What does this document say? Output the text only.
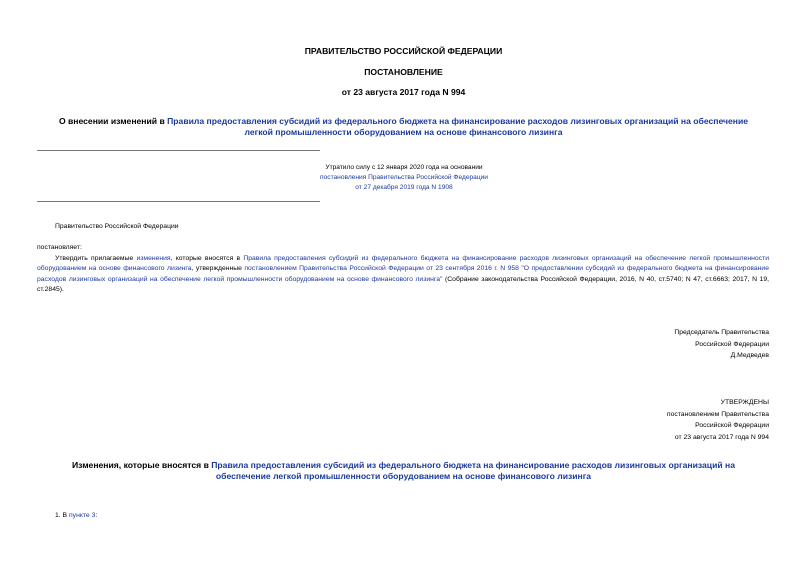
ПРАВИТЕЛЬСТВО РОССИЙСКОЙ ФЕДЕРАЦИИ
ПОСТАНОВЛЕНИЕ
от 23 августа 2017 года N 994
О внесении изменений в Правила предоставления субсидий из федерального бюджета на финансирование расходов лизинговых организаций на обеспечение
легкой промышленности оборудованием на основе финансового лизинга
Утратило силу с 12 января 2020 года на основании
постановления Правительства Российской Федерации
от 27 декабря 2019 года N 1908
Правительство Российской Федерации
постановляет:
Утвердить прилагаемые изменения, которые вносятся в Правила предоставления субсидий из федерального бюджета на финансирование расходов лизинговых организаций на обеспечение легкой промышленности оборудованием на основе финансового лизинга, утвержденные постановлением Правительства Российской Федерации от 23 сентября 2016 г. N 958 "О предоставлении субсидий из федерального бюджета на финансирование расходов лизинговых организаций на обеспечение легкой промышленности оборудованием на основе финансового лизинга" (Собрание законодательства Российской Федерации, 2016, N 40, ст.5740; N 47, ст.6663; 2017, N 19, ст.2845).
Председатель Правительства
Российской Федерации
Д.Медведев
УТВЕРЖДЕНЫ
постановлением Правительства
Российской Федерации
от 23 августа 2017 года N 994
Изменения, которые вносятся в Правила предоставления субсидий из федерального бюджета на финансирование расходов лизинговых организаций на
обеспечение легкой промышленности оборудованием на основе финансового лизинга
1. В пункте 3:
